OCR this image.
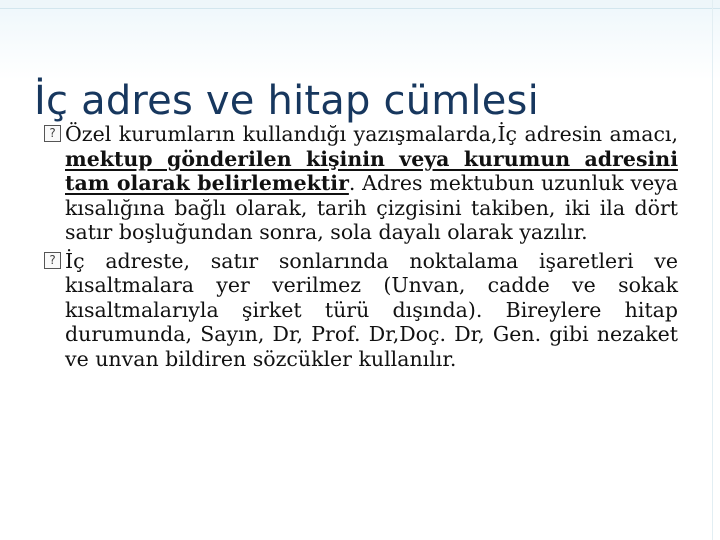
İç adres ve hitap cümlesi

? Özel kurumların kullandığı yazışmalarda,İç adresin amacı, mektup gönderilen kişinin veya kurumun adresini tam olarak belirlemektir. Adres mektubun uzunluk veya kısalığına bağlı olarak, tarih çizgisini takiben, iki ila dört satır boşluğundan sonra, sola dayalı olarak yazılır.

? İç adreste, satır sonlarında noktalama işaretleri ve kısaltmalara yer verilmez (Unvan, cadde ve sokak kısaltmalarıyla şirket türü dışında). Bireylere hitap durumunda, Sayın, Dr, Prof. Dr,Doç. Dr, Gen. gibi nezaket ve unvan bildiren sözcükler kullanılır.
